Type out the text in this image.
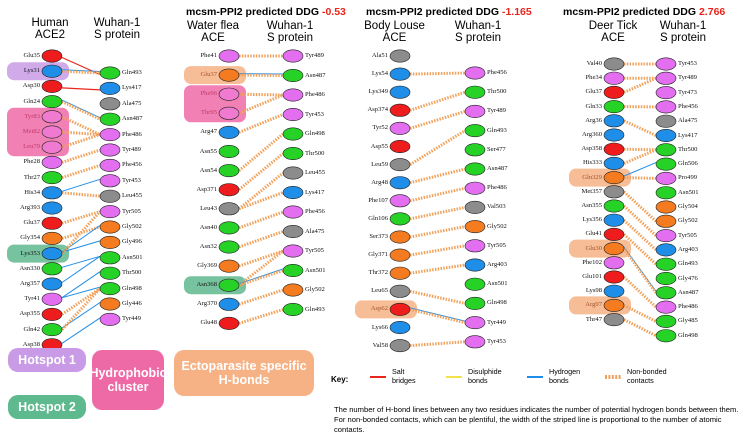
mcsm-PPI2 predicted DDG -0.53 mcsm-PPI2 predicted DDG -1.165	mcsm-PPI2 predicted DDG 2.766
Human
ACE2
Wuhan-1
S protein
Water flea
ACE
Wuhan-1
S protein
Body Louse
ACE
Wuhan-1
S protein
Deer Tick
ACE
Wuhan-1
S protein
Glu35
Lys31
Asp30
Gln24
Tyr83
Met82
Leu79
Phe28
Thr27
His34
Arg393
Glu37
Gly354
Lys353
Asn330
Arg357
Tyr41
Asp355
Gln42
Asp38
Gln493
Lys417
Ala475
Asn487
Phe486
Tyr489
Phe456
Tyr453
Leu455
Tyr505
Gly502
Gly496
Asn501
Thr500
Gln498
Gly446
Tyr449
Phe41
Glu37
Phe96
Thr95
Arg47
Asn55
Asn54
Asp371
Leu43
Asn40
Asn32
Gly369
Asn368
Arg370
Glu48
Tyr489
Asn487
Phe486
Tyr453
Gln498
Thr500
Leu455
Lys417
Phe456
Ala475
Tyr505
Asn501
Gly502
Gln493
Ala51
Lys54
Lys349
Asp374
Tyr52
Asp55
Leu59
Arg48
Phe107
Gln106
Ser373
Gly371
Thr372
Leu65
Asp62
Lys66
Val58
Phe456
Thr500
Tyr489
Gln493
Ser477
Asn487
Phe486
Val503
Gly502
Tyr505
Arg403
Asn501
Gln498
Tyr449
Tyr453
Val40
Phe34
Glu37
Gln33
Arg36
Arg360
Asp358
His333
Gln329
Met357
Asn355
Lys356
Glu41
Glu30
Phe102
Glu101
Lys98
Arg97
Thr47
Tyr453
Tyr489
Tyr473
Phe456
Ala475
Lys417
Thr500
Gln506
Pro499
Asn501
Gly504
Gly502
Tyr505
Arg403
Gln493
Gly476
Asn487
Phe486
Gly485
Gln498
Hotspot 1
Hotspot 2
Hydrophobic cluster
Ectoparasite specific H-bonds	Key:
Salt bridges
Disulphide bonds
Hydrogen bonds
Non-bonded contacts
The number of H-bond lines between any two residues indicates the number of potential hydrogen bonds between them. For non-bonded contacts, which can be plentiful, the width of the striped line is proportional to the number of atomic contacts.
